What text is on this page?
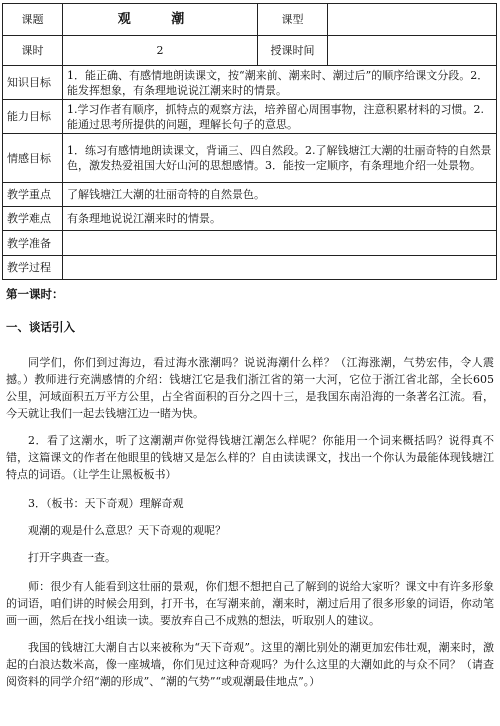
课题	观 潮	课型	
课时	2	授课时间	
知识目标	1．能正确、有感情地朗读课文，按“潮来前、潮来时、潮过后”的顺序给课文分段。2．能发挥想象，有条理地说说江潮来时的情景。		
能力目标	1.学习作者有顺序，抓特点的观察方法，培养留心周围事物，注意积累材料的习惯。2.能通过思考所提供的问题，理解长句子的意思。		
情感目标	1．练习有感情地朗读课文，背诵三、四自然段。2.了解钱塘江大潮的壮丽奇特的自然景色，激发热爱祖国大好山河的思想感情。3．能按一定顺序，有条理地介绍一处景物。		
教学重点	了解钱塘江大潮的壮丽奇特的自然景色。		
教学难点	有条理地说说江潮来时的情景。		
教学准备			
教学过程			

第一课时：

一、谈话引入

同学们，你们到过海边，看过海水涨潮吗？说说海潮什么样？（江海涨潮，气势宏伟，令人震撼。）教师进行充满感情的介绍：钱塘江它是我们浙江省的第一大河，它位于浙江省北部，全长605公里，河域面积五万平方公里，占全省面积的百分之四十三，是我国东南沿海的一条著名江流。看，今天就让我们一起去钱塘江边一睹为快。

2．看了这潮水，听了这潮潮声你觉得钱塘江潮怎么样呢？你能用一个词来概括吗？说得真不错，这篇课文的作者在他眼里的钱塘又是怎么样的？自由读读课文，找出一个你认为最能体现钱塘江特点的词语。（让学生让黑板板书）

3．（板书：天下奇观）理解奇观

观潮的观是什么意思？天下奇观的观呢？

打开字典查一查。

师：很少有人能看到这壮丽的景观，你们想不想把自己了解到的说给大家听？课文中有许多形象的词语，咱们讲的时候会用到，打开书，在写潮来前，潮来时，潮过后用了很多形象的词语，你动笔画一画，然后在找小组读一读。要放弃自己不成熟的想法，听取别人的建议。

我国的钱塘江大潮自古以来被称为“天下奇观”。这里的潮比别处的潮更加宏伟壮观，潮来时，激起的白浪达数米高，像一座城墙，你们见过这种奇观吗？为什么这里的大潮如此的与众不同？（请查阅资料的同学介绍“潮的形成”、“潮的气势”“或观潮最佳地点”。）
